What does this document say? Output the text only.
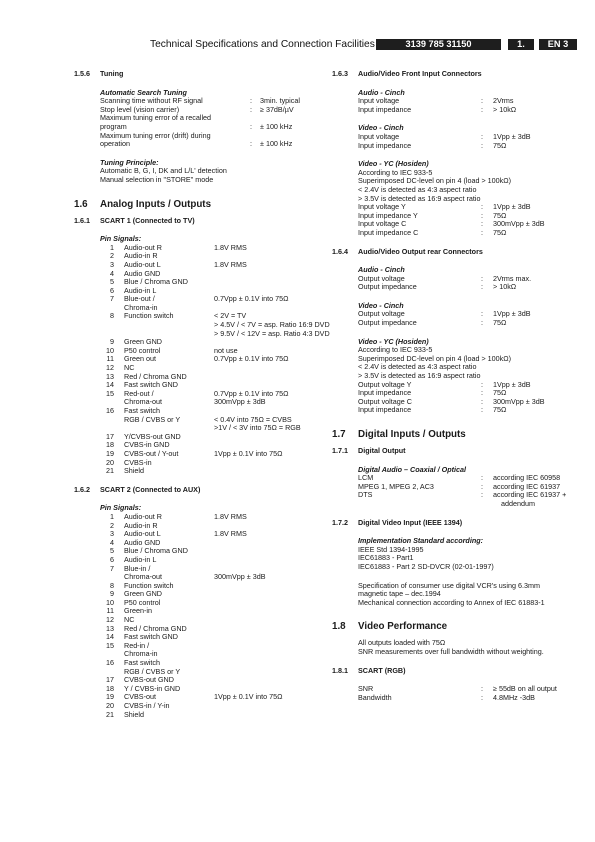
Technical Specifications and Connection Facilities	3139 785 31150	1.	EN 3
1.5.6 Tuning
Automatic Search Tuning
Scanning time without RF signal	: 3min. typical
Stop level (vision carrier)	: ≥ 37dB/µV
Maximum tuning error of a recalled
program	: ± 100 kHz
Maximum tuning error (drift) during
operation	: ± 100 kHz
Tuning Principle:
Automatic B, G, I, DK and L/L' detection
Manual selection in "STORE" mode
1.6 Analog Inputs / Outputs
1.6.1 SCART 1 (Connected to TV)
Pin Signals:
1 Audio-out R	1.8V RMS
2 Audio-in R
3 Audio-out L	1.8V RMS
4 Audio GND
5 Blue / Chroma GND
6 Audio-in L
7 Blue-out /	0.7Vpp ± 0.1V into 75Ω
Chroma-in
8 Function switch	< 2V = TV
> 4.5V / < 7V = asp. Ratio 16:9 DVD
> 9.5V / < 12V = asp. Ratio 4:3 DVD
9 Green GND
10 P50 control	not use
11 Green out	0.7Vpp ± 0.1V into 75Ω
12 NC
13 Red / Chroma GND
14 Fast switch GND
15 Red-out /	0.7Vpp ± 0.1V into 75Ω
Chroma-out	300mVpp ± 3dB
16 Fast switch
RGB / CVBS or Y	< 0.4V into 75Ω = CVBS
>1V / < 3V into 75Ω = RGB
17 Y/CVBS-out GND
18 CVBS-in GND
19 CVBS-out / Y-out	1Vpp ± 0.1V into 75Ω
20 CVBS-in
21 Shield
1.6.2 SCART 2 (Connected to AUX)
Pin Signals:
1 Audio-out R	1.8V RMS
2 Audio-in R
3 Audio-out L	1.8V RMS
4 Audio GND
5 Blue / Chroma GND
6 Audio-in L
7 Blue-in /
Chroma-out	300mVpp ± 3dB
8 Function switch
9 Green GND
10 P50 control
11 Green-in
12 NC
13 Red / Chroma GND
14 Fast switch GND
15 Red-in /
Chroma-in
16 Fast switch
RGB / CVBS or Y
17 CVBS-out GND
18 Y / CVBS-in GND
19 CVBS-out	1Vpp ± 0.1V into 75Ω
20 CVBS-in / Y-in
21 Shield
1.6.3 Audio/Video Front Input Connectors
Audio - Cinch
Input voltage	: 2Vrms
Input impedance	: > 10kΩ
Video - Cinch
Input voltage	: 1Vpp ± 3dB
Input impedance	: 75Ω
Video - YC (Hosiden)
According to IEC 933-5
Superimposed DC-level on pin 4 (load > 100kΩ)
< 2.4V is detected as 4:3 aspect ratio
> 3.5V is detected as 16:9 aspect ratio
Input voltage Y	: 1Vpp ± 3dB
Input impedance Y	: 75Ω
Input voltage C	: 300mVpp ± 3dB
Input impedance C	: 75Ω
1.6.4 Audio/Video Output rear Connectors
Audio - Cinch
Output voltage	: 2Vrms max.
Output impedance	: > 10kΩ
Video - Cinch
Output voltage	: 1Vpp ± 3dB
Output impedance	: 75Ω
Video - YC (Hosiden)
According to IEC 933-5
Superimposed DC-level on pin 4 (load > 100kΩ)
< 2.4V is detected as 4:3 aspect ratio
> 3.5V is detected as 16:9 aspect ratio
Output voltage Y	: 1Vpp ± 3dB
Input impedance	: 75Ω
Output voltage C	: 300mVpp ± 3dB
Input impedance	: 75Ω
1.7 Digital Inputs / Outputs
1.7.1 Digital Output
Digital Audio – Coaxial / Optical
LCM	: according IEC 60958
MPEG 1, MPEG 2, AC3	: according IEC 61937
DTS	: according IEC 61937 +
addendum
1.7.2 Digital Video Input (IEEE 1394)
Implementation Standard according:
IEEE Std 1394-1995
IEC61883 - Part1
IEC61883 - Part 2 SD-DVCR (02-01-1997)
Specification of consumer use digital VCR's using 6.3mm
magnetic tape – dec.1994
Mechanical connection according to Annex of IEC 61883-1
1.8 Video Performance
All outputs loaded with 75Ω
SNR measurements over full bandwidth without weighting.
1.8.1 SCART (RGB)
SNR	: ≥ 55dB on all output
Bandwidth	: 4.8MHz -3dB
